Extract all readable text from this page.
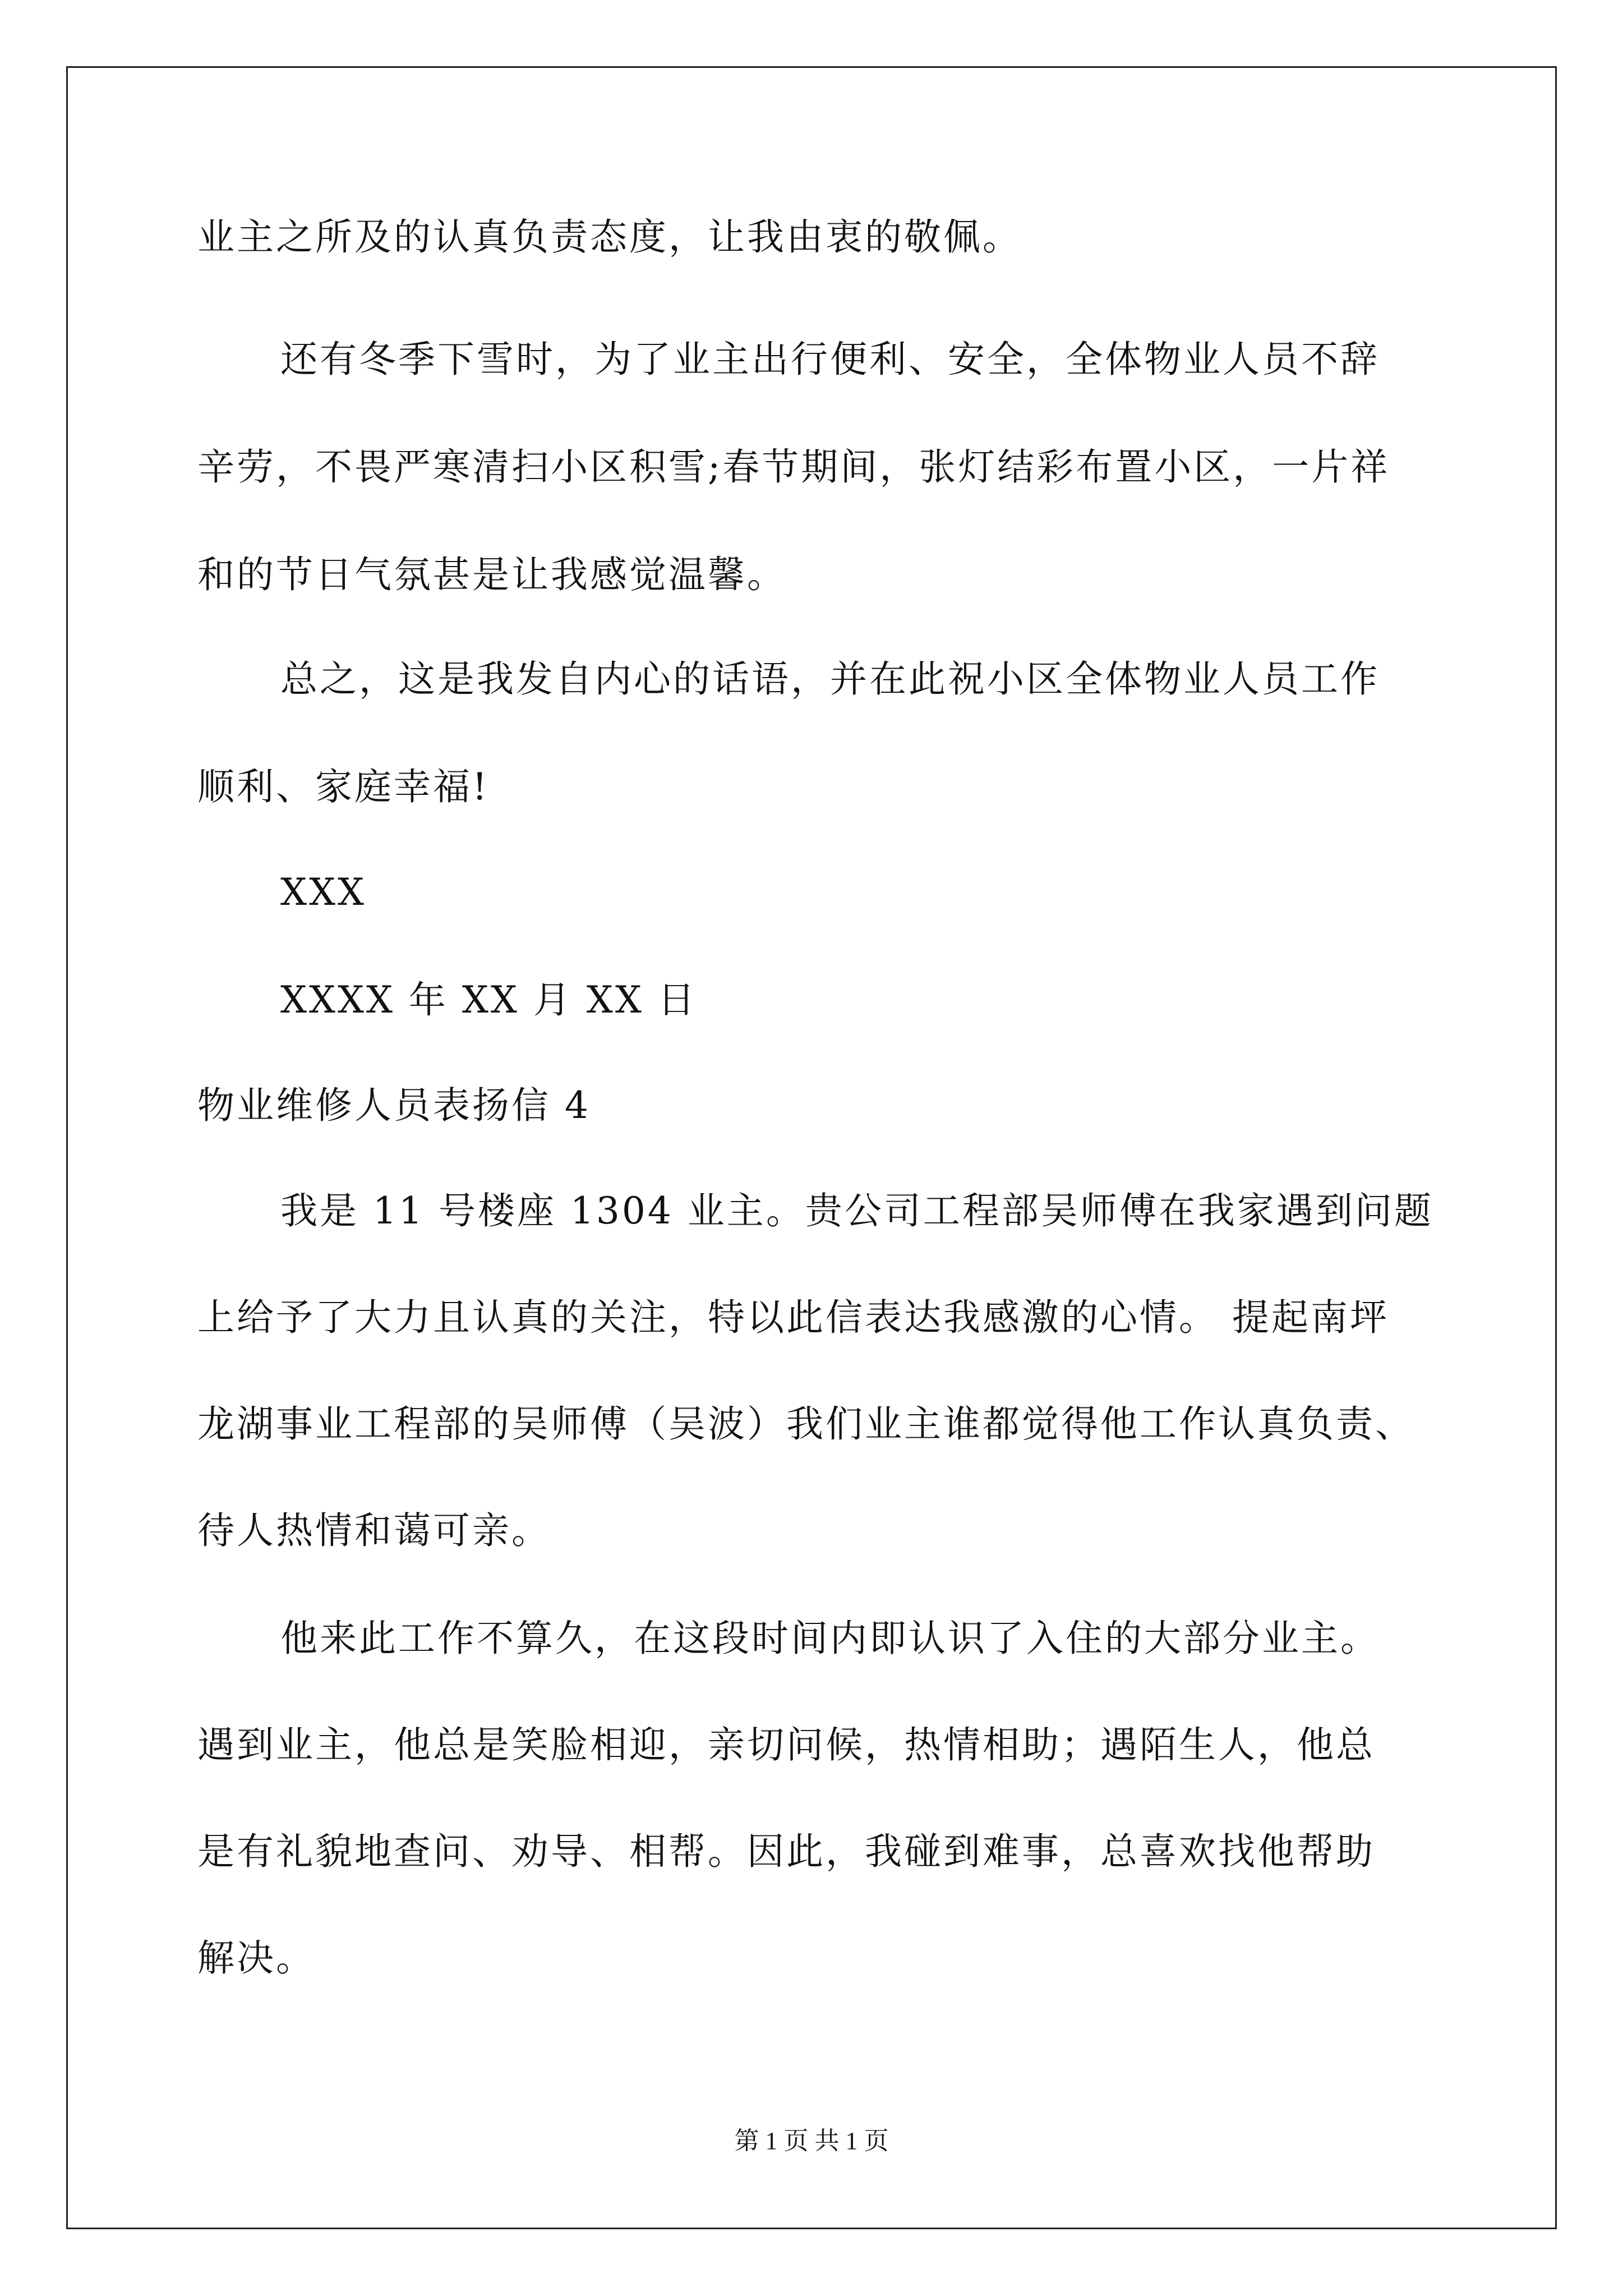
业主之所及的认真负责态度，让我由衷的敬佩。
还有冬季下雪时，为了业主出行便利、安全，全体物业人员不辞
辛劳，不畏严寒清扫小区积雪;春节期间，张灯结彩布置小区，一片祥
和的节日气氛甚是让我感觉温馨。
总之，这是我发自内心的话语，并在此祝小区全体物业人员工作
顺利、家庭幸福!
XXX
XXXX 年 XX 月 XX 日
物业维修人员表扬信 4
我是 11 号楼座 1304 业主。贵公司工程部吴师傅在我家遇到问题
上给予了大力且认真的关注，特以此信表达我感激的心情。 提起南坪
龙湖事业工程部的吴师傅（吴波）我们业主谁都觉得他工作认真负责、
待人热情和蔼可亲。
他来此工作不算久，在这段时间内即认识了入住的大部分业主。
遇到业主，他总是笑脸相迎，亲切问候，热情相助；遇陌生人，他总
是有礼貌地查问、劝导、相帮。因此，我碰到难事，总喜欢找他帮助
解决。
第 1 页 共 1 页
